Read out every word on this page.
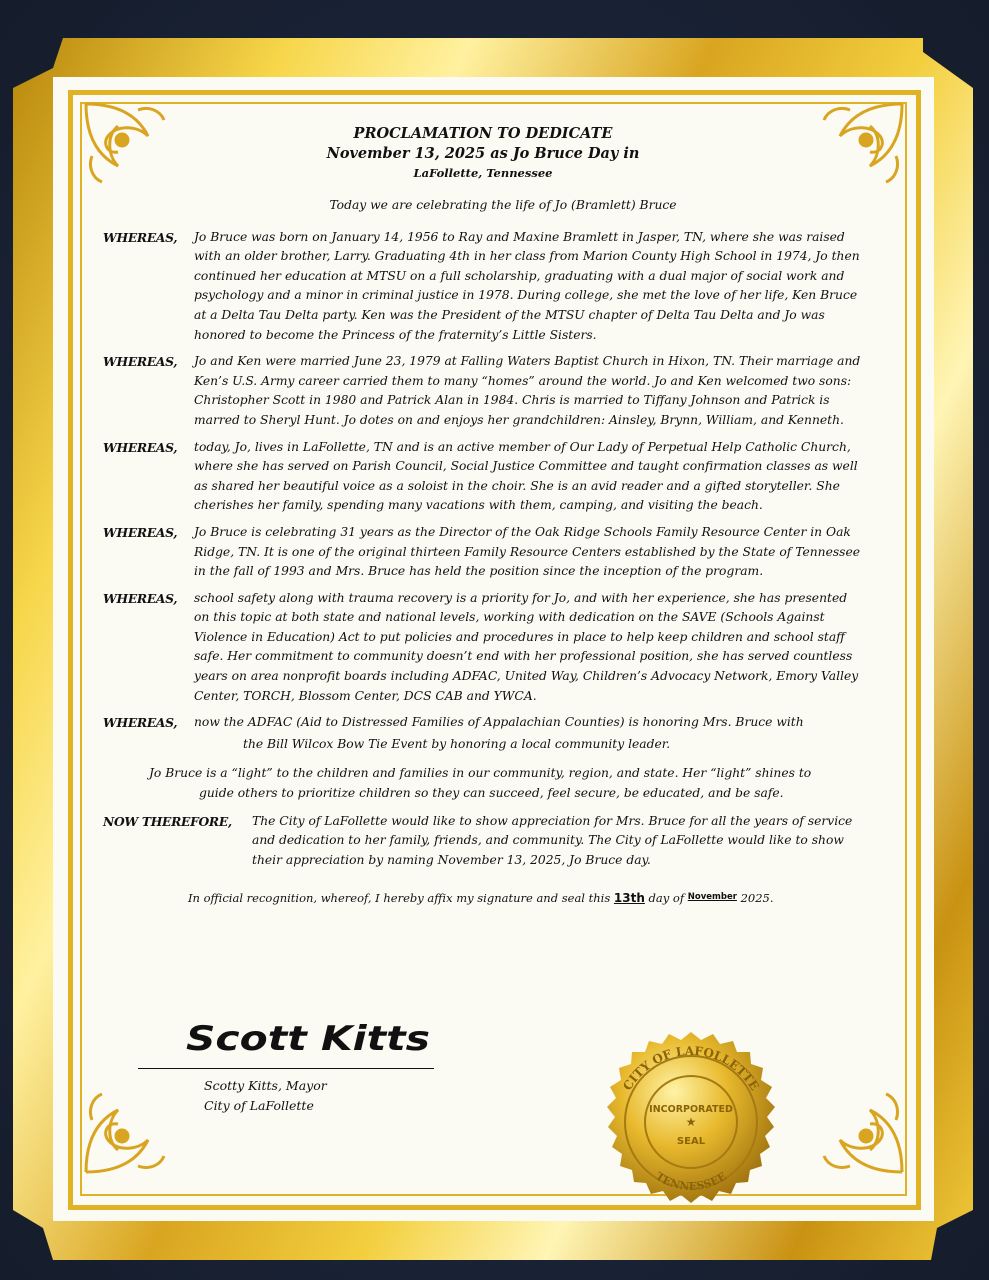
PROCLAMATION TO DEDICATE
November 13, 2025 as Jo Bruce Day in
LaFollette, Tennessee
Today we are celebrating the life of Jo (Bramlett) Bruce
WHEREAS,	Jo Bruce was born on January 14, 1956 to Ray and Maxine Bramlett in Jasper, TN, where she was raised with an older brother, Larry. Graduating 4th in her class from Marion County High School in 1974, Jo then continued her education at MTSU on a full scholarship, graduating with a dual major of social work and psychology and a minor in criminal justice in 1978. During college, she met the love of her life, Ken Bruce at a Delta Tau Delta party. Ken was the President of the MTSU chapter of Delta Tau Delta and Jo was honored to become the Princess of the fraternity’s Little Sisters.
WHEREAS,	Jo and Ken were married June 23, 1979 at Falling Waters Baptist Church in Hixon, TN. Their marriage and Ken’s U.S. Army career carried them to many “homes” around the world. Jo and Ken welcomed two sons: Christopher Scott in 1980 and Patrick Alan in 1984. Chris is married to Tiffany Johnson and Patrick is marred to Sheryl Hunt. Jo dotes on and enjoys her grandchildren: Ainsley, Brynn, William, and Kenneth.
WHEREAS,	today, Jo, lives in LaFollette, TN and is an active member of Our Lady of Perpetual Help Catholic Church, where she has served on Parish Council, Social Justice Committee and taught confirmation classes as well as shared her beautiful voice as a soloist in the choir. She is an avid reader and a gifted storyteller. She cherishes her family, spending many vacations with them, camping, and visiting the beach.
WHEREAS,	Jo Bruce is celebrating 31 years as the Director of the Oak Ridge Schools Family Resource Center in Oak Ridge, TN. It is one of the original thirteen Family Resource Centers established by the State of Tennessee in the fall of 1993 and Mrs. Bruce has held the position since the inception of the program.
WHEREAS,	school safety along with trauma recovery is a priority for Jo, and with her experience, she has presented on this topic at both state and national levels, working with dedication on the SAVE (Schools Against Violence in Education) Act to put policies and procedures in place to help keep children and school staff safe. Her commitment to community doesn’t end with her professional position, she has served countless years on area nonprofit boards including ADFAC, United Way, Children’s Advocacy Network, Emory Valley Center, TORCH, Blossom Center, DCS CAB and YWCA.
WHEREAS,	now the ADFAC (Aid to Distressed Families of Appalachian Counties) is honoring Mrs. Bruce with
the Bill Wilcox Bow Tie Event by honoring a local community leader.
Jo Bruce is a “light” to the children and families in our community, region, and state. Her “light” shines to
guide others to prioritize children so they can succeed, feel secure, be educated, and be safe.
NOW THEREFORE,	The City of LaFollette would like to show appreciation for Mrs. Bruce for all the years of service and dedication to her family, friends, and community. The City of LaFollette would like to show their appreciation by naming November 13, 2025, Jo Bruce day.
In official recognition, whereof, I hereby affix my signature and seal this 13th day of $^{November}$ 2025.
Scott Kitts
Scotty Kitts, Mayor
City of LaFollette
CITY OF LAFOLLETTE
TENNESSEE
INCORPORATED
★
SEAL
